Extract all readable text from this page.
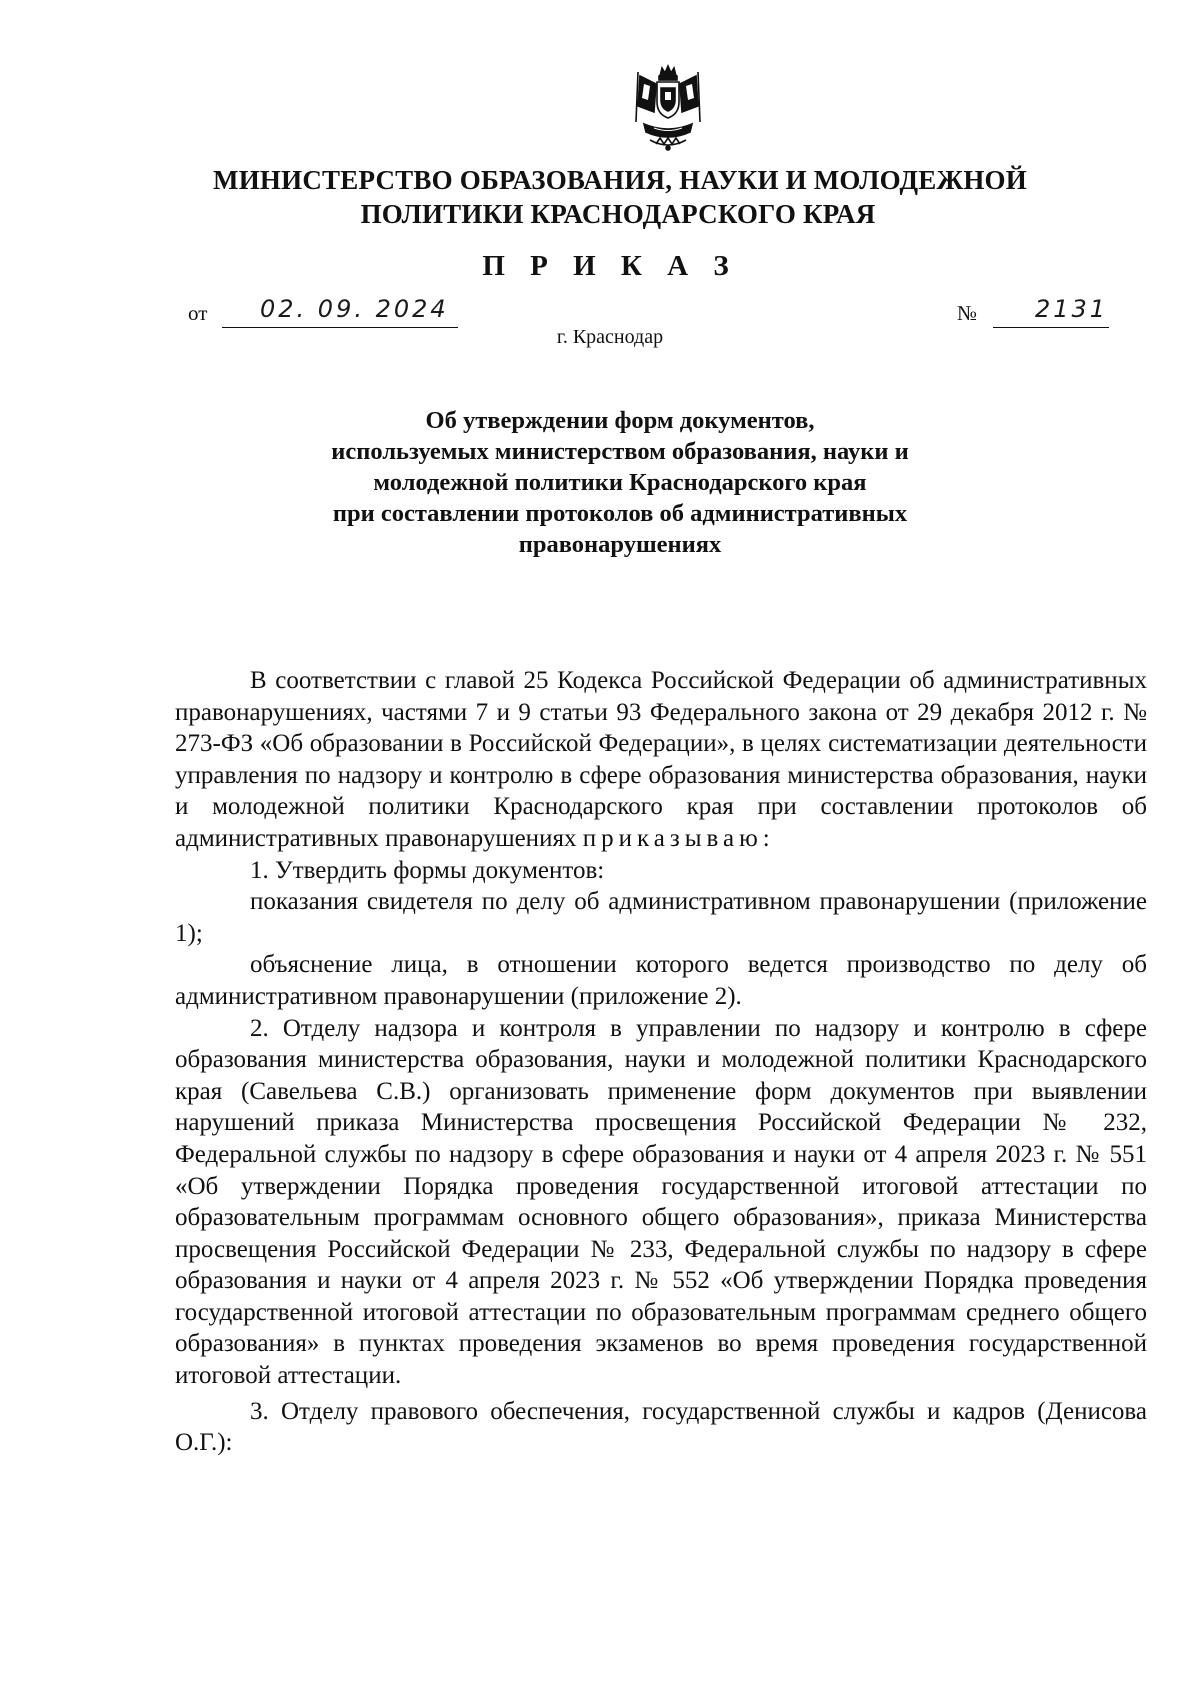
МИНИСТЕРСТВО ОБРАЗОВАНИЯ, НАУКИ И МОЛОДЕЖНОЙ
ПОЛИТИКИ КРАСНОДАРСКОГО КРАЯ
П Р И К А З
от 02. 09. 2024	№ 2131
г. Краснодар
Об утверждении форм документов,
используемых министерством образования, науки и
молодежной политики Краснодарского края
при составлении протоколов об административных
правонарушениях

В соответствии с главой 25 Кодекса Российской Федерации об административных правонарушениях, частями 7 и 9 статьи 93 Федерального закона от 29 декабря 2012 г. № 273-ФЗ «Об образовании в Российской Федерации», в целях систематизации деятельности управления по надзору и контролю в сфере образования министерства образования, науки и молодежной политики Краснодарского края при составлении протоколов об административных правонарушениях приказываю:

1. Утвердить формы документов:

показания свидетеля по делу об административном правонарушении (приложение 1);

объяснение лица, в отношении которого ведется производство по делу об административном правонарушении (приложение 2).

2. Отделу надзора и контроля в управлении по надзору и контролю в сфере образования министерства образования, науки и молодежной политики Краснодарского края (Савельева С.В.) организовать применение форм документов при выявлении нарушений приказа Министерства просвещения Российской Федерации № 232, Федеральной службы по надзору в сфере образования и науки от 4 апреля 2023 г. № 551 «Об утверждении Порядка проведения государственной итоговой аттестации по образовательным программам основного общего образования», приказа Министерства просвещения Российской Федерации № 233, Федеральной службы по надзору в сфере образования и науки от 4 апреля 2023 г. № 552 «Об утверждении Порядка проведения государственной итоговой аттестации по образовательным программам среднего общего образования» в пунктах проведения экзаменов во время проведения государственной итоговой аттестации.

3. Отделу правового обеспечения, государственной службы и кадров (Денисова О.Г.):
